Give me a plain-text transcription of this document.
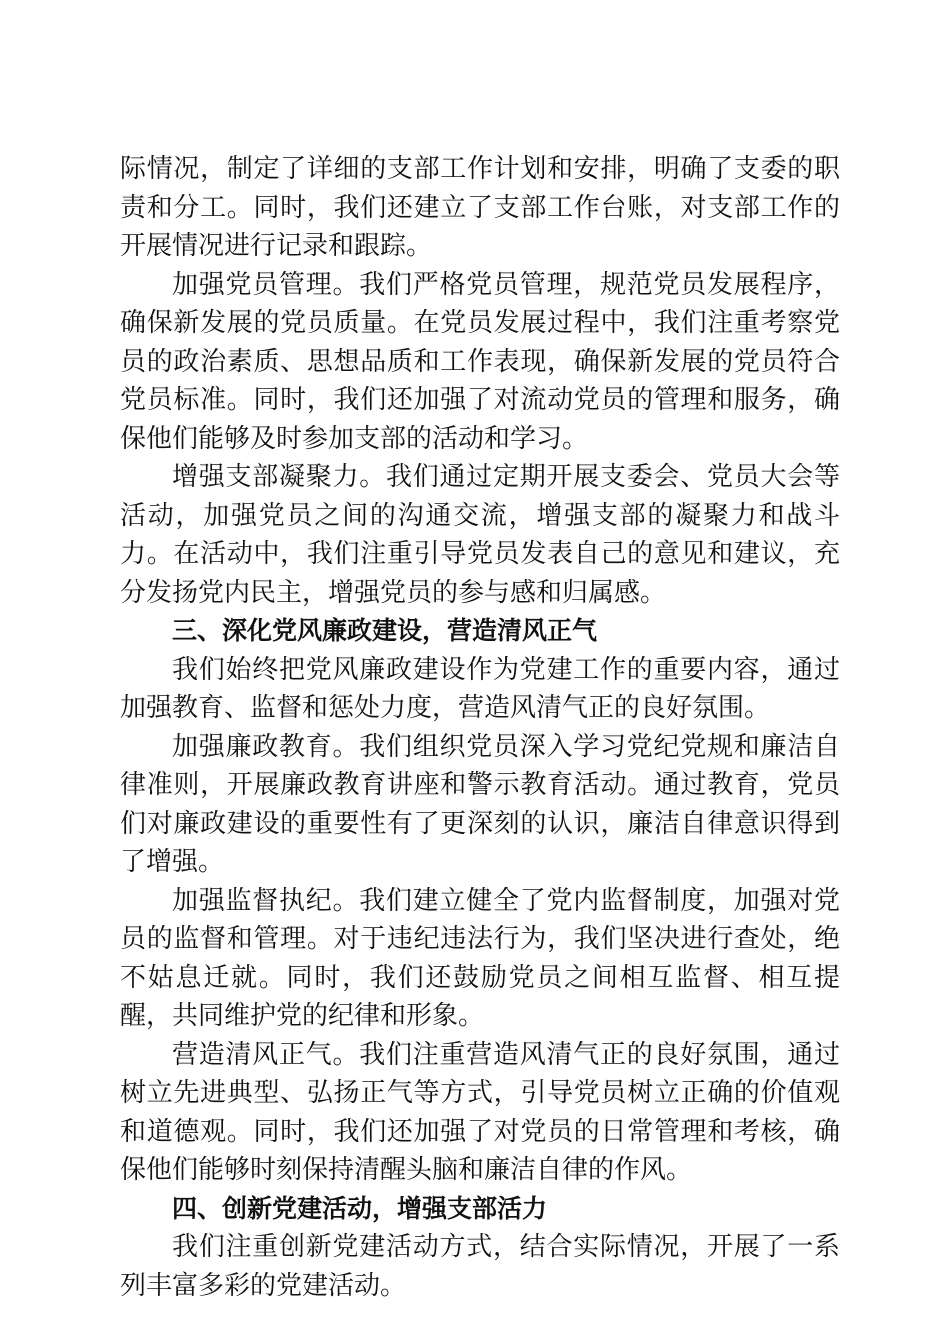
际情况，制定了详细的支部工作计划和安排，明确了支委的职责和分工。同时，我们还建立了支部工作台账，对支部工作的开展情况进行记录和跟踪。

加强党员管理。我们严格党员管理，规范党员发展程序，确保新发展的党员质量。在党员发展过程中，我们注重考察党员的政治素质、思想品质和工作表现，确保新发展的党员符合党员标准。同时，我们还加强了对流动党员的管理和服务，确保他们能够及时参加支部的活动和学习。

增强支部凝聚力。我们通过定期开展支委会、党员大会等活动，加强党员之间的沟通交流，增强支部的凝聚力和战斗力。在活动中，我们注重引导党员发表自己的意见和建议，充分发扬党内民主，增强党员的参与感和归属感。

三、深化党风廉政建设，营造清风正气

我们始终把党风廉政建设作为党建工作的重要内容，通过加强教育、监督和惩处力度，营造风清气正的良好氛围。

加强廉政教育。我们组织党员深入学习党纪党规和廉洁自律准则，开展廉政教育讲座和警示教育活动。通过教育，党员们对廉政建设的重要性有了更深刻的认识，廉洁自律意识得到了增强。

加强监督执纪。我们建立健全了党内监督制度，加强对党员的监督和管理。对于违纪违法行为，我们坚决进行查处，绝不姑息迁就。同时，我们还鼓励党员之间相互监督、相互提醒，共同维护党的纪律和形象。

营造清风正气。我们注重营造风清气正的良好氛围，通过树立先进典型、弘扬正气等方式，引导党员树立正确的价值观和道德观。同时，我们还加强了对党员的日常管理和考核，确保他们能够时刻保持清醒头脑和廉洁自律的作风。

四、创新党建活动，增强支部活力

我们注重创新党建活动方式，结合实际情况，开展了一系列丰富多彩的党建活动。
